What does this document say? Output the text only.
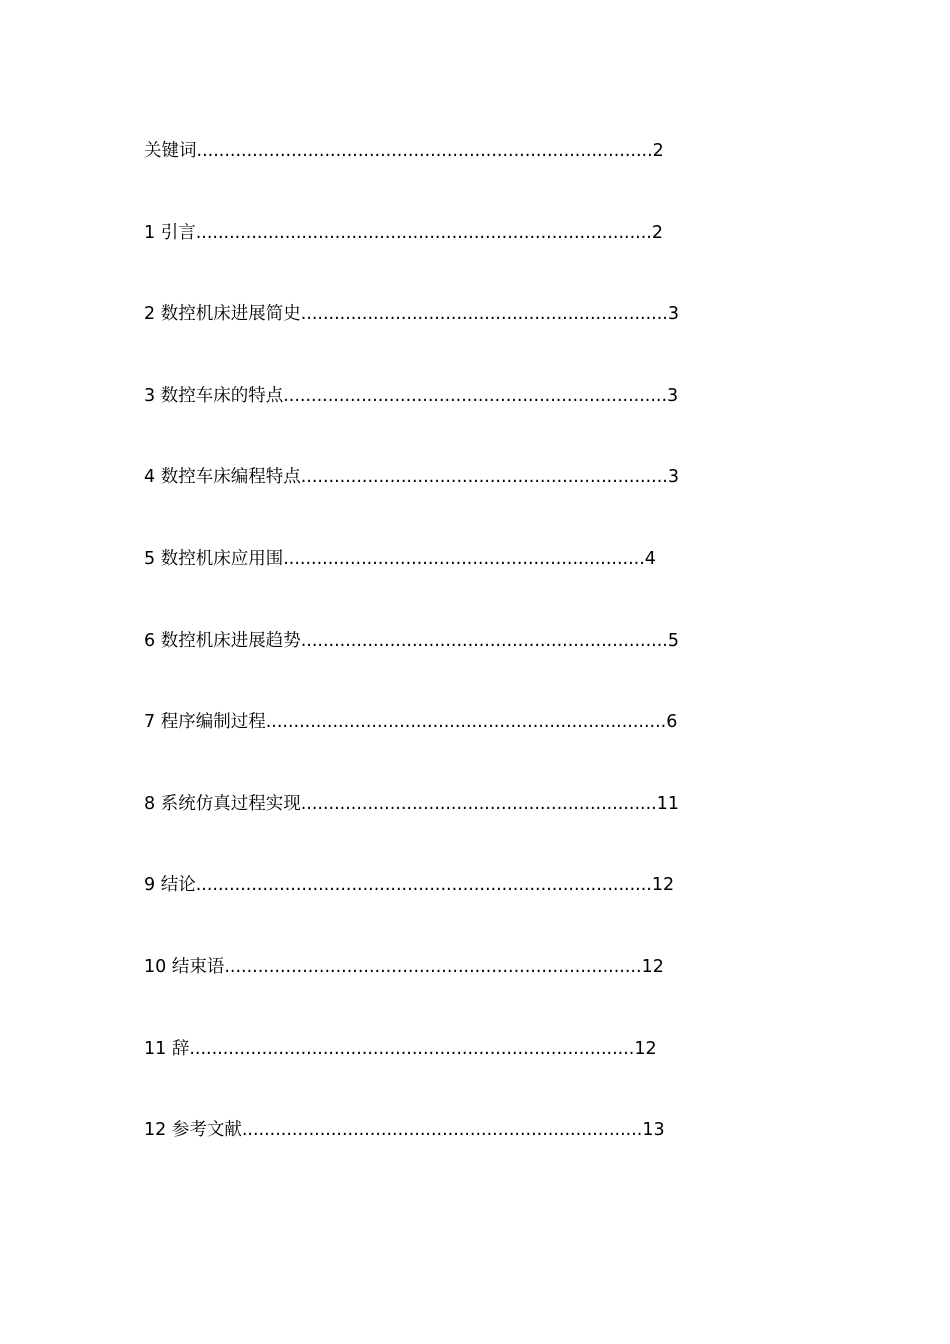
关键词..................................................................................2
1 引言..................................................................................2
2 数控机床进展简史..................................................................3
3 数控车床的特点.....................................................................3
4 数控车床编程特点..................................................................3
5 数控机床应用围.................................................................4
6 数控机床进展趋势..................................................................5
7 程序编制过程........................................................................6
8 系统仿真过程实现................................................................11
9 结论..................................................................................12
10 结束语...........................................................................12
11 辞................................................................................12
12 参考文献........................................................................13
